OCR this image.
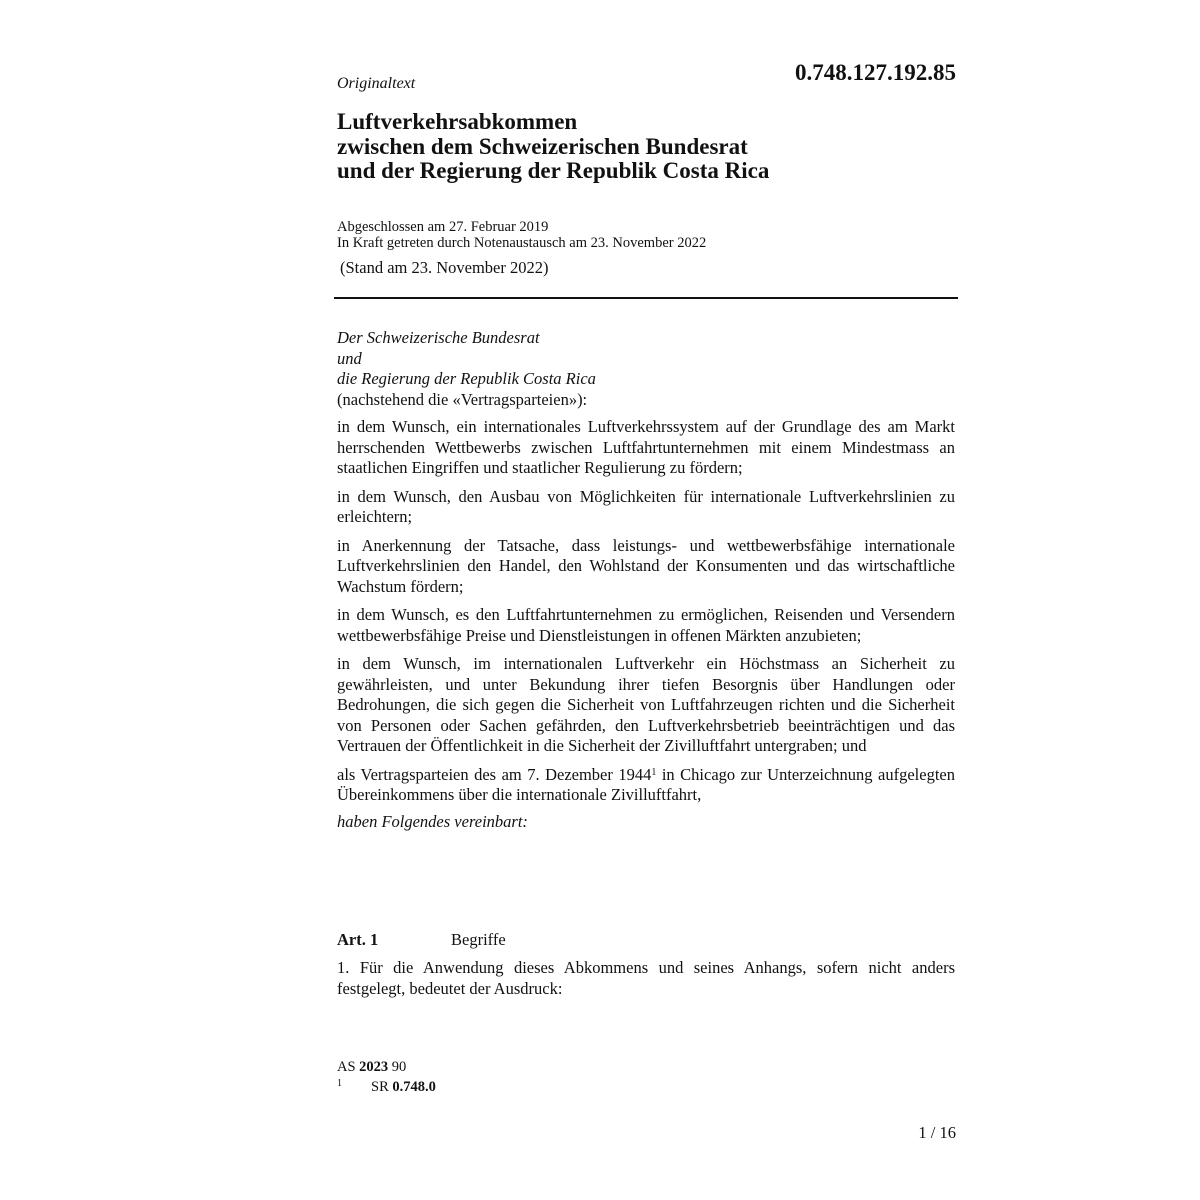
0.748.127.192.85
Originaltext
Luftverkehrsabkommen
zwischen dem Schweizerischen Bundesrat
und der Regierung der Republik Costa Rica
Abgeschlossen am 27. Februar 2019
In Kraft getreten durch Notenaustausch am 23. November 2022
(Stand am 23. November 2022)
Der Schweizerische Bundesrat
und
die Regierung der Republik Costa Rica
(nachstehend die «Vertragsparteien»):
in dem Wunsch, ein internationales Luftverkehrssystem auf der Grundlage des am Markt herrschenden Wettbewerbs zwischen Luftfahrtunternehmen mit einem Mindestmass an staatlichen Eingriffen und staatlicher Regulierung zu fördern;
in dem Wunsch, den Ausbau von Möglichkeiten für internationale Luftverkehrslinien zu erleichtern;
in Anerkennung der Tatsache, dass leistungs- und wettbewerbsfähige internationale Luftverkehrslinien den Handel, den Wohlstand der Konsumenten und das wirtschaftliche Wachstum fördern;
in dem Wunsch, es den Luftfahrtunternehmen zu ermöglichen, Reisenden und Versendern wettbewerbsfähige Preise und Dienstleistungen in offenen Märkten anzubieten;
in dem Wunsch, im internationalen Luftverkehr ein Höchstmass an Sicherheit zu gewährleisten, und unter Bekundung ihrer tiefen Besorgnis über Handlungen oder Bedrohungen, die sich gegen die Sicherheit von Luftfahrzeugen richten und die Sicherheit von Personen oder Sachen gefährden, den Luftverkehrsbetrieb beeinträchtigen und das Vertrauen der Öffentlichkeit in die Sicherheit der Zivilluftfahrt untergraben; und
als Vertragsparteien des am 7. Dezember 1944$^1$ in Chicago zur Unterzeichnung aufgelegten Übereinkommens über die internationale Zivilluftfahrt,
haben Folgendes vereinbart:
Art. 1	Begriffe
1. Für die Anwendung dieses Abkommens und seines Anhangs, sofern nicht anders festgelegt, bedeutet der Ausdruck:
AS 2023 90
1 SR 0.748.0
1 / 16
